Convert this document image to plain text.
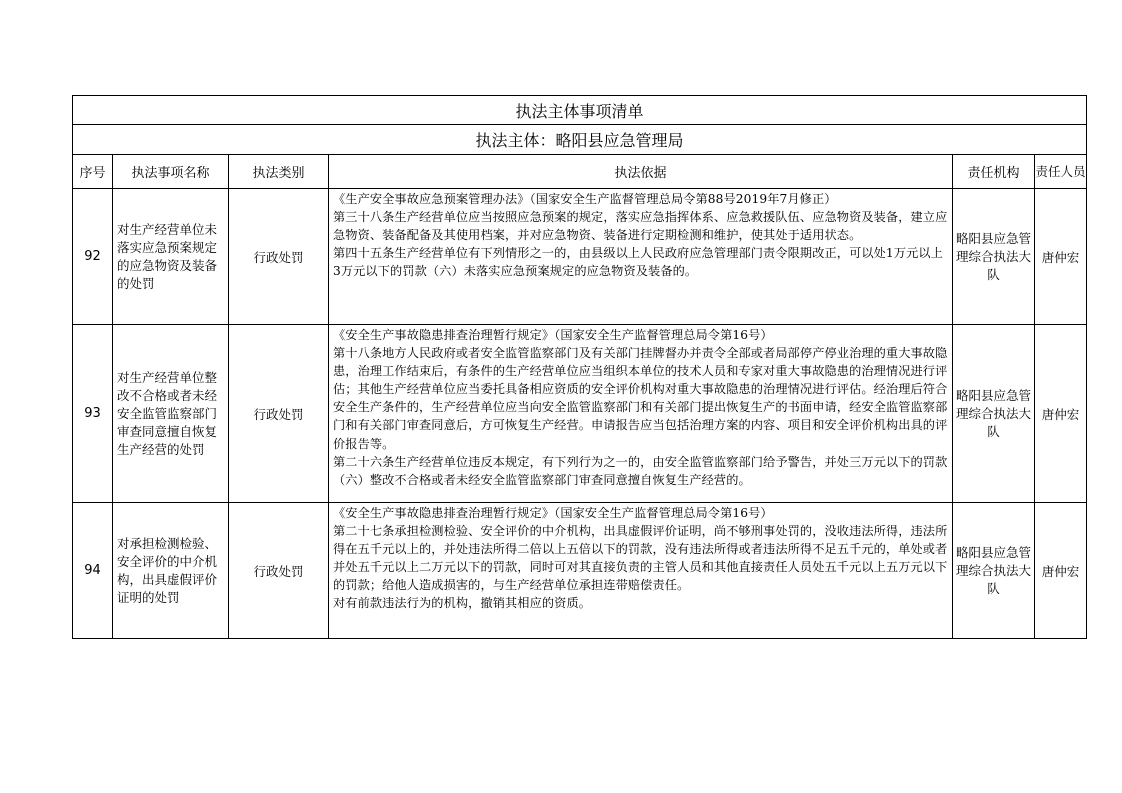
执法主体事项清单					
执法主体：略阳县应急管理局					
序号	执法事项名称	执法类别	执法依据	责任机构	责任人员
92	对生产经营单位未落实应急预案规定的应急物资及装备的处罚	行政处罚	《生产安全事故应急预案管理办法》（国家安全生产监督管理总局令第88号2019年7月修正）
第三十八条生产经营单位应当按照应急预案的规定，落实应急指挥体系、应急救援队伍、应急物资及装备，建立应急物资、装备配备及其使用档案，并对应急物资、装备进行定期检测和维护，使其处于适用状态。
第四十五条生产经营单位有下列情形之一的，由县级以上人民政府应急管理部门责令限期改正，可以处1万元以上3万元以下的罚款（六）未落实应急预案规定的应急物资及装备的。	略阳县应急管理综合执法大队	唐仲宏
93	对生产经营单位整改不合格或者未经安全监管监察部门审查同意擅自恢复生产经营的处罚	行政处罚	《安全生产事故隐患排查治理暂行规定》（国家安全生产监督管理总局令第16号）
第十八条地方人民政府或者安全监管监察部门及有关部门挂牌督办并责令全部或者局部停产停业治理的重大事故隐患，治理工作结束后，有条件的生产经营单位应当组织本单位的技术人员和专家对重大事故隐患的治理情况进行评估；其他生产经营单位应当委托具备相应资质的安全评价机构对重大事故隐患的治理情况进行评估。经治理后符合安全生产条件的，生产经营单位应当向安全监管监察部门和有关部门提出恢复生产的书面申请，经安全监管监察部门和有关部门审查同意后，方可恢复生产经营。申请报告应当包括治理方案的内容、项目和安全评价机构出具的评价报告等。
第二十六条生产经营单位违反本规定，有下列行为之一的，由安全监管监察部门给予警告，并处三万元以下的罚款（六）整改不合格或者未经安全监管监察部门审查同意擅自恢复生产经营的。	略阳县应急管理综合执法大队	唐仲宏
94	对承担检测检验、安全评价的中介机构，出具虚假评价证明的处罚	行政处罚	《安全生产事故隐患排查治理暂行规定》（国家安全生产监督管理总局令第16号）
第二十七条承担检测检验、安全评价的中介机构，出具虚假评价证明，尚不够刑事处罚的，没收违法所得，违法所得在五千元以上的，并处违法所得二倍以上五倍以下的罚款，没有违法所得或者违法所得不足五千元的，单处或者并处五千元以上二万元以下的罚款，同时可对其直接负责的主管人员和其他直接责任人员处五千元以上五万元以下的罚款；给他人造成损害的，与生产经营单位承担连带赔偿责任。
对有前款违法行为的机构，撤销其相应的资质。	略阳县应急管理综合执法大队	唐仲宏
